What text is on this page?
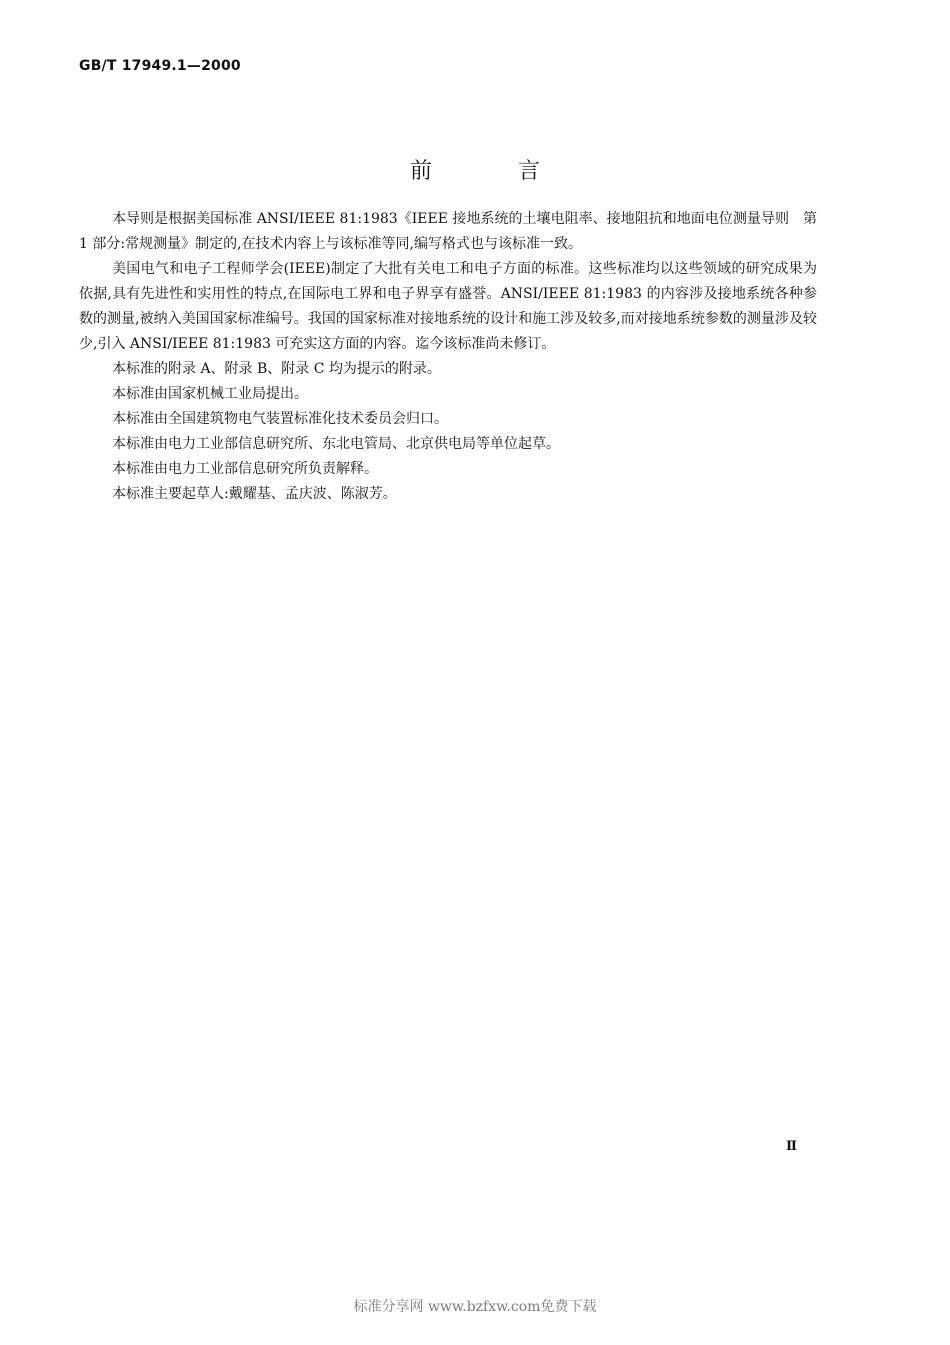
GB/T 17949.1—2000
前言

本导则是根据美国标准 ANSI/IEEE 81:1983《IEEE 接地系统的土壤电阻率、接地阻抗和地面电位测量导则　第 1 部分:常规测量》制定的,在技术内容上与该标准等同,编写格式也与该标准一致。

美国电气和电子工程师学会(IEEE)制定了大批有关电工和电子方面的标准。这些标准均以这些领域的研究成果为依据,具有先进性和实用性的特点,在国际电工界和电子界享有盛誉。ANSI/IEEE 81:1983 的内容涉及接地系统各种参数的测量,被纳入美国国家标准编号。我国的国家标准对接地系统的设计和施工涉及较多,而对接地系统参数的测量涉及较少,引入 ANSI/IEEE 81:1983 可充实这方面的内容。迄今该标准尚未修订。

本标准的附录 A、附录 B、附录 C 均为提示的附录。

本标准由国家机械工业局提出。

本标准由全国建筑物电气装置标准化技术委员会归口。

本标准由电力工业部信息研究所、东北电管局、北京供电局等单位起草。

本标准由电力工业部信息研究所负责解释。

本标准主要起草人:戴耀基、孟庆波、陈淑芳。

Ⅱ
标准分享网 www.bzfxw.com免费下载
